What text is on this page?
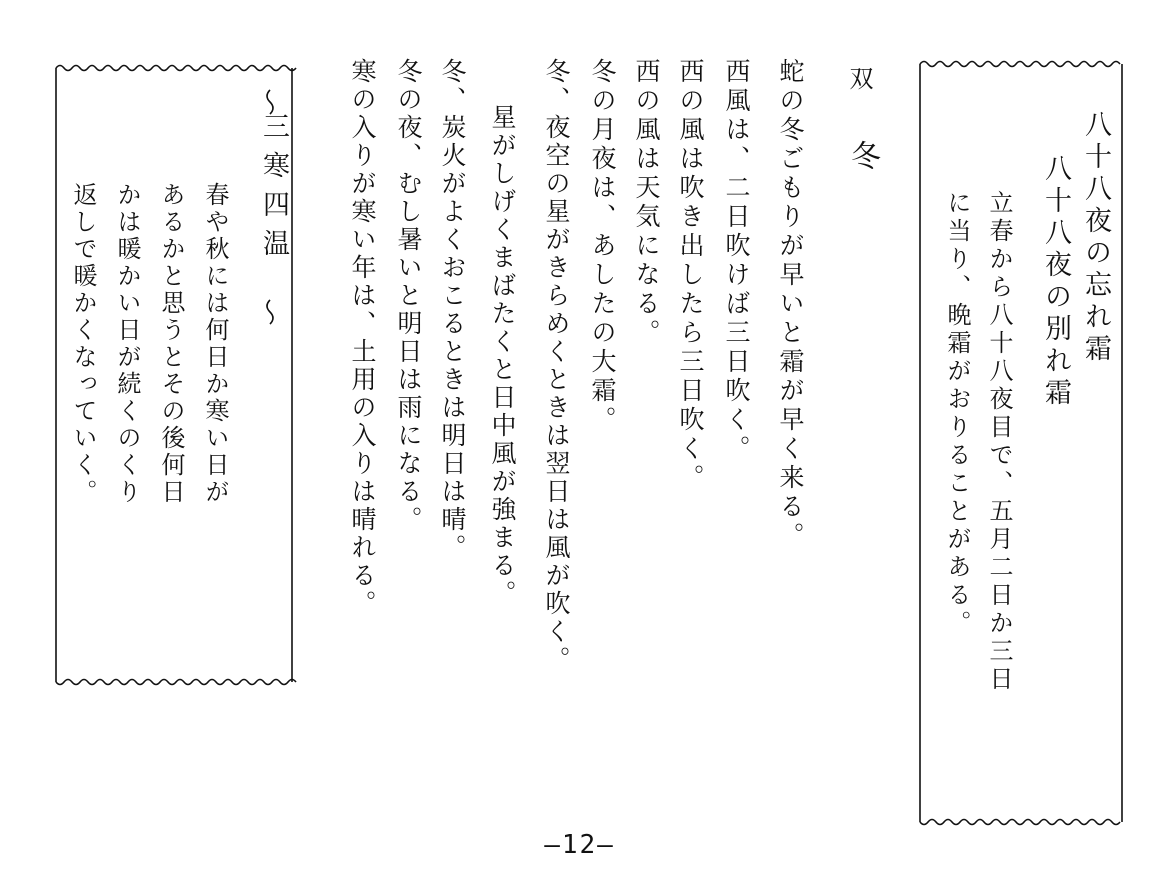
八十八夜の忘れ霜
八十八夜の別れ霜
立春から八十八夜目で、五月二日か三日
に当り、晩霜がおりることがある。
双
冬
蛇の冬ごもりが早いと霜が早く来る。
西風は、二日吹けば三日吹く。
西の風は吹き出したら三日吹く。
西の風は天気になる。
冬の月夜は、あしたの大霜。
冬、夜空の星がきらめくときは翌日は風が吹く。
星がしげくまばたくと日中風が強まる。
冬、炭火がよくおこるときは明日は晴。
冬の夜、むし暑いと明日は雨になる。
寒の入りが寒い年は、土用の入りは晴れる。
三寒四温
春や秋には何日か寒い日が
あるかと思うとその後何日
かは暖かい日が続くのくり
返しで暖かくなっていく。
—12—
